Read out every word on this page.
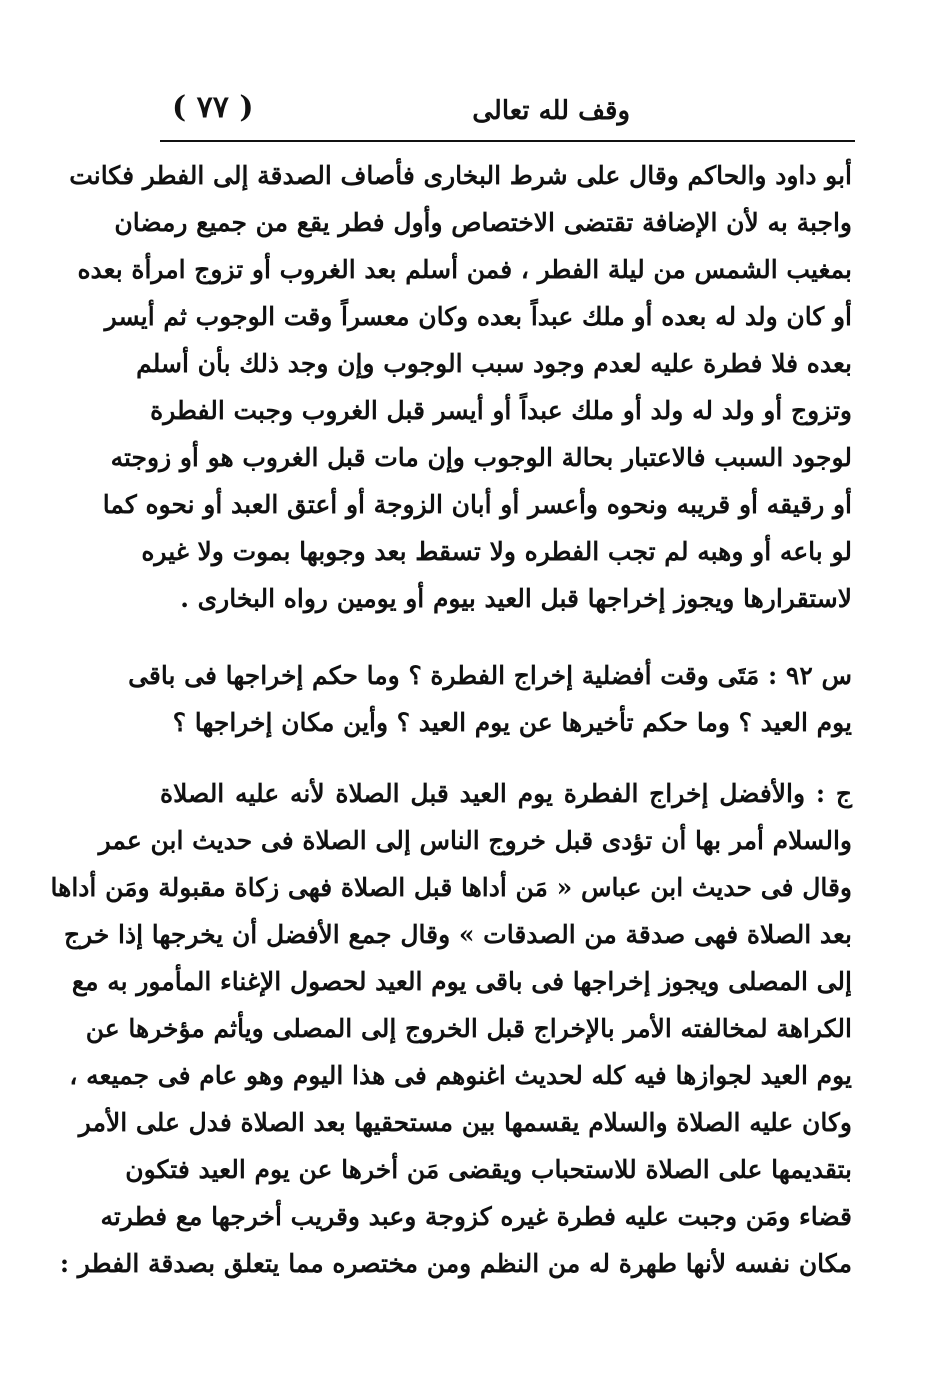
( ٧٧ )	وقف لله تعالى
أبو داود والحاكم وقال على شرط البخارى فأصاف الصدقة إلى الفطر فكانت
واجبة به لأن الإضافة تقتضى الاختصاص وأول فطر يقع من جميع رمضان
بمغيب الشمس من ليلة الفطر ، فمن أسلم بعد الغروب أو تزوج امرأة بعده
أو كان ولد له بعده أو ملك عبداً بعده وكان معسراً وقت الوجوب ثم أيسر
بعده فلا فطرة عليه لعدم وجود سبب الوجوب وإن وجد ذلك بأن أسلم
وتزوج أو ولد له ولد أو ملك عبداً أو أيسر قبل الغروب وجبت الفطرة
لوجود السبب فالاعتبار بحالة الوجوب وإن مات قبل الغروب هو أو زوجته
أو رقيقه أو قريبه ونحوه وأعسر أو أبان الزوجة أو أعتق العبد أو نحوه كما
لو باعه أو وهبه لم تجب الفطره ولا تسقط بعد وجوبها بموت ولا غيره
لاستقرارها ويجوز إخراجها قبل العيد بيوم أو يومين رواه البخارى .
س ٩٢ : مَتَى وقت أفضلية إخراج الفطرة ؟ وما حكم إخراجها فى باقى
يوم العيد ؟ وما حكم تأخيرها عن يوم العيد ؟ وأين مكان إخراجها ؟
ج : والأفضل إخراج الفطرة يوم العيد قبل الصلاة لأنه عليه الصلاة
والسلام أمر بها أن تؤدى قبل خروج الناس إلى الصلاة فى حديث ابن عمر
وقال فى حديث ابن عباس « مَن أداها قبل الصلاة فهى زكاة مقبولة ومَن أداها
بعد الصلاة فهى صدقة من الصدقات » وقال جمع الأفضل أن يخرجها إذا خرج
إلى المصلى ويجوز إخراجها فى باقى يوم العيد لحصول الإغناء المأمور به مع
الكراهة لمخالفته الأمر بالإخراج قبل الخروج إلى المصلى ويأثم مؤخرها عن
يوم العيد لجوازها فيه كله لحديث اغنوهم فى هذا اليوم وهو عام فى جميعه ،
وكان عليه الصلاة والسلام يقسمها بين مستحقيها بعد الصلاة فدل على الأمر
بتقديمها على الصلاة للاستحباب ويقضى مَن أخرها عن يوم العيد فتكون
قضاء ومَن وجبت عليه فطرة غيره كزوجة وعبد وقريب أخرجها مع فطرته
مكان نفسه لأنها طهرة له من النظم ومن مختصره مما يتعلق بصدقة الفطر :
